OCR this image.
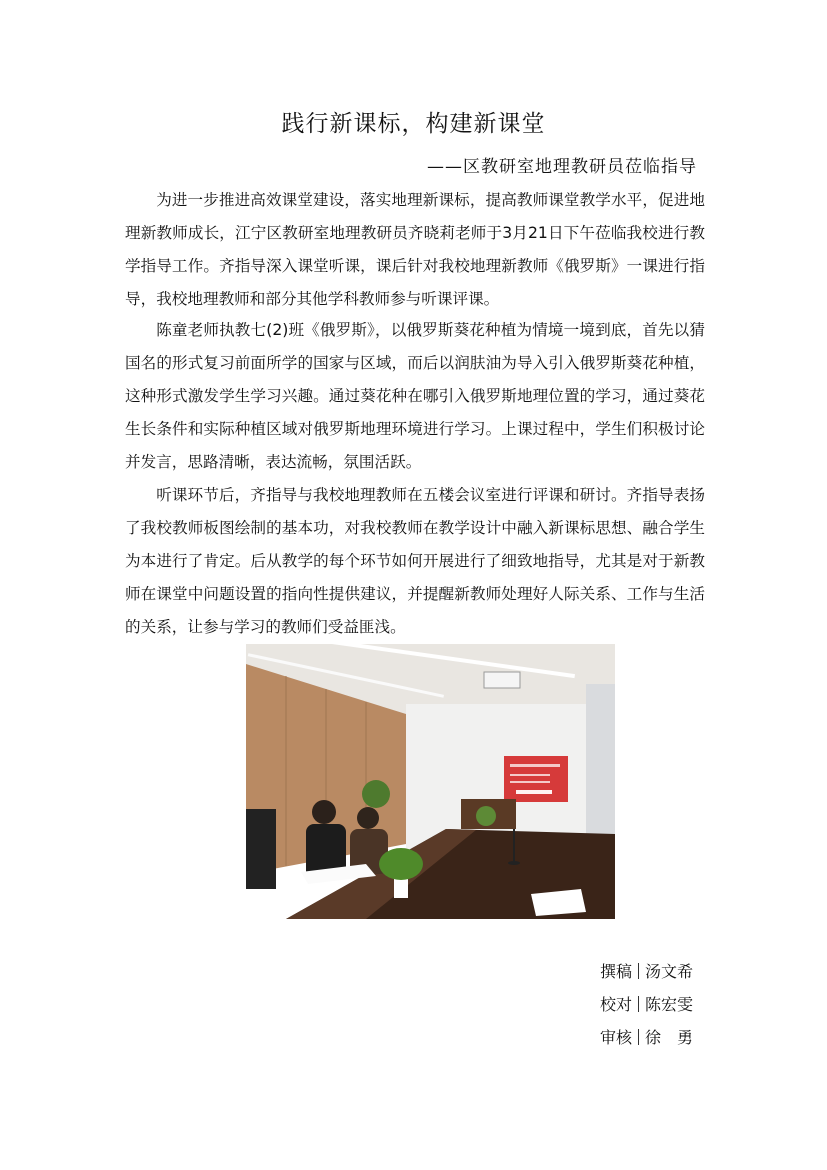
践行新课标，构建新课堂
——区教研室地理教研员莅临指导

为进一步推进高效课堂建设，落实地理新课标，提高教师课堂教学水平，促进地理新教师成长，江宁区教研室地理教研员齐晓莉老师于3月21日下午莅临我校进行教学指导工作。齐指导深入课堂听课，课后针对我校地理新教师《俄罗斯》一课进行指导，我校地理教师和部分其他学科教师参与听课评课。

陈童老师执教七(2)班《俄罗斯》，以俄罗斯葵花种植为情境一境到底，首先以猜国名的形式复习前面所学的国家与区域，而后以润肤油为导入引入俄罗斯葵花种植，这种形式激发学生学习兴趣。通过葵花种在哪引入俄罗斯地理位置的学习，通过葵花生长条件和实际种植区域对俄罗斯地理环境进行学习。上课过程中，学生们积极讨论并发言，思路清晰，表达流畅，氛围活跃。

听课环节后，齐指导与我校地理教师在五楼会议室进行评课和研讨。齐指导表扬了我校教师板图绘制的基本功，对我校教师在教学设计中融入新课标思想、融合学生为本进行了肯定。后从教学的每个环节如何开展进行了细致地指导，尤其是对于新教师在课堂中问题设置的指向性提供建议，并提醒新教师处理好人际关系、工作与生活的关系，让参与学习的教师们受益匪浅。

撰稿 汤文希
校对 陈宏雯
审核 徐　勇
